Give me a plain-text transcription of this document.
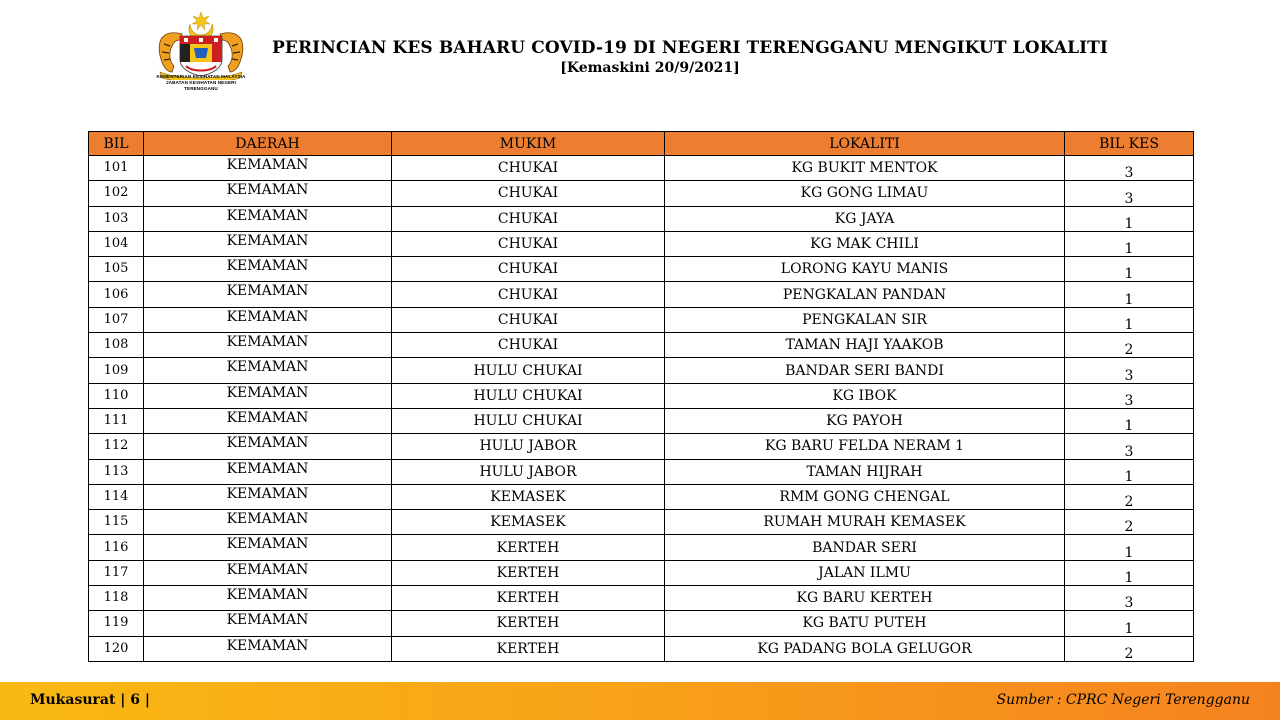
KEMENTERIAN KESIHATAN MALAYSIA
JABATAN KESIHATAN NEGERI TERENGGANU
PERINCIAN KES BAHARU COVID-19 DI NEGERI TERENGGANU MENGIKUT LOKALITI
[Kemaskini 20/9/2021]
BIL	DAERAH	MUKIM	LOKALITI	BIL KES
101	KEMAMAN	CHUKAI	KG BUKIT MENTOK	3
102	KEMAMAN	CHUKAI	KG GONG LIMAU	3
103	KEMAMAN	CHUKAI	KG JAYA	1
104	KEMAMAN	CHUKAI	KG MAK CHILI	1
105	KEMAMAN	CHUKAI	LORONG KAYU MANIS	1
106	KEMAMAN	CHUKAI	PENGKALAN PANDAN	1
107	KEMAMAN	CHUKAI	PENGKALAN SIR	1
108	KEMAMAN	CHUKAI	TAMAN HAJI YAAKOB	2
109	KEMAMAN	HULU CHUKAI	BANDAR SERI BANDI	3
110	KEMAMAN	HULU CHUKAI	KG IBOK	3
111	KEMAMAN	HULU CHUKAI	KG PAYOH	1
112	KEMAMAN	HULU JABOR	KG BARU FELDA NERAM 1	3
113	KEMAMAN	HULU JABOR	TAMAN HIJRAH	1
114	KEMAMAN	KEMASEK	RMM GONG CHENGAL	2
115	KEMAMAN	KEMASEK	RUMAH MURAH KEMASEK	2
116	KEMAMAN	KERTEH	BANDAR SERI	1
117	KEMAMAN	KERTEH	JALAN ILMU	1
118	KEMAMAN	KERTEH	KG BARU KERTEH	3
119	KEMAMAN	KERTEH	KG BATU PUTEH	1
120	KEMAMAN	KERTEH	KG PADANG BOLA GELUGOR	2
Mukasurat | 6 |	Sumber : CPRC Negeri Terengganu
